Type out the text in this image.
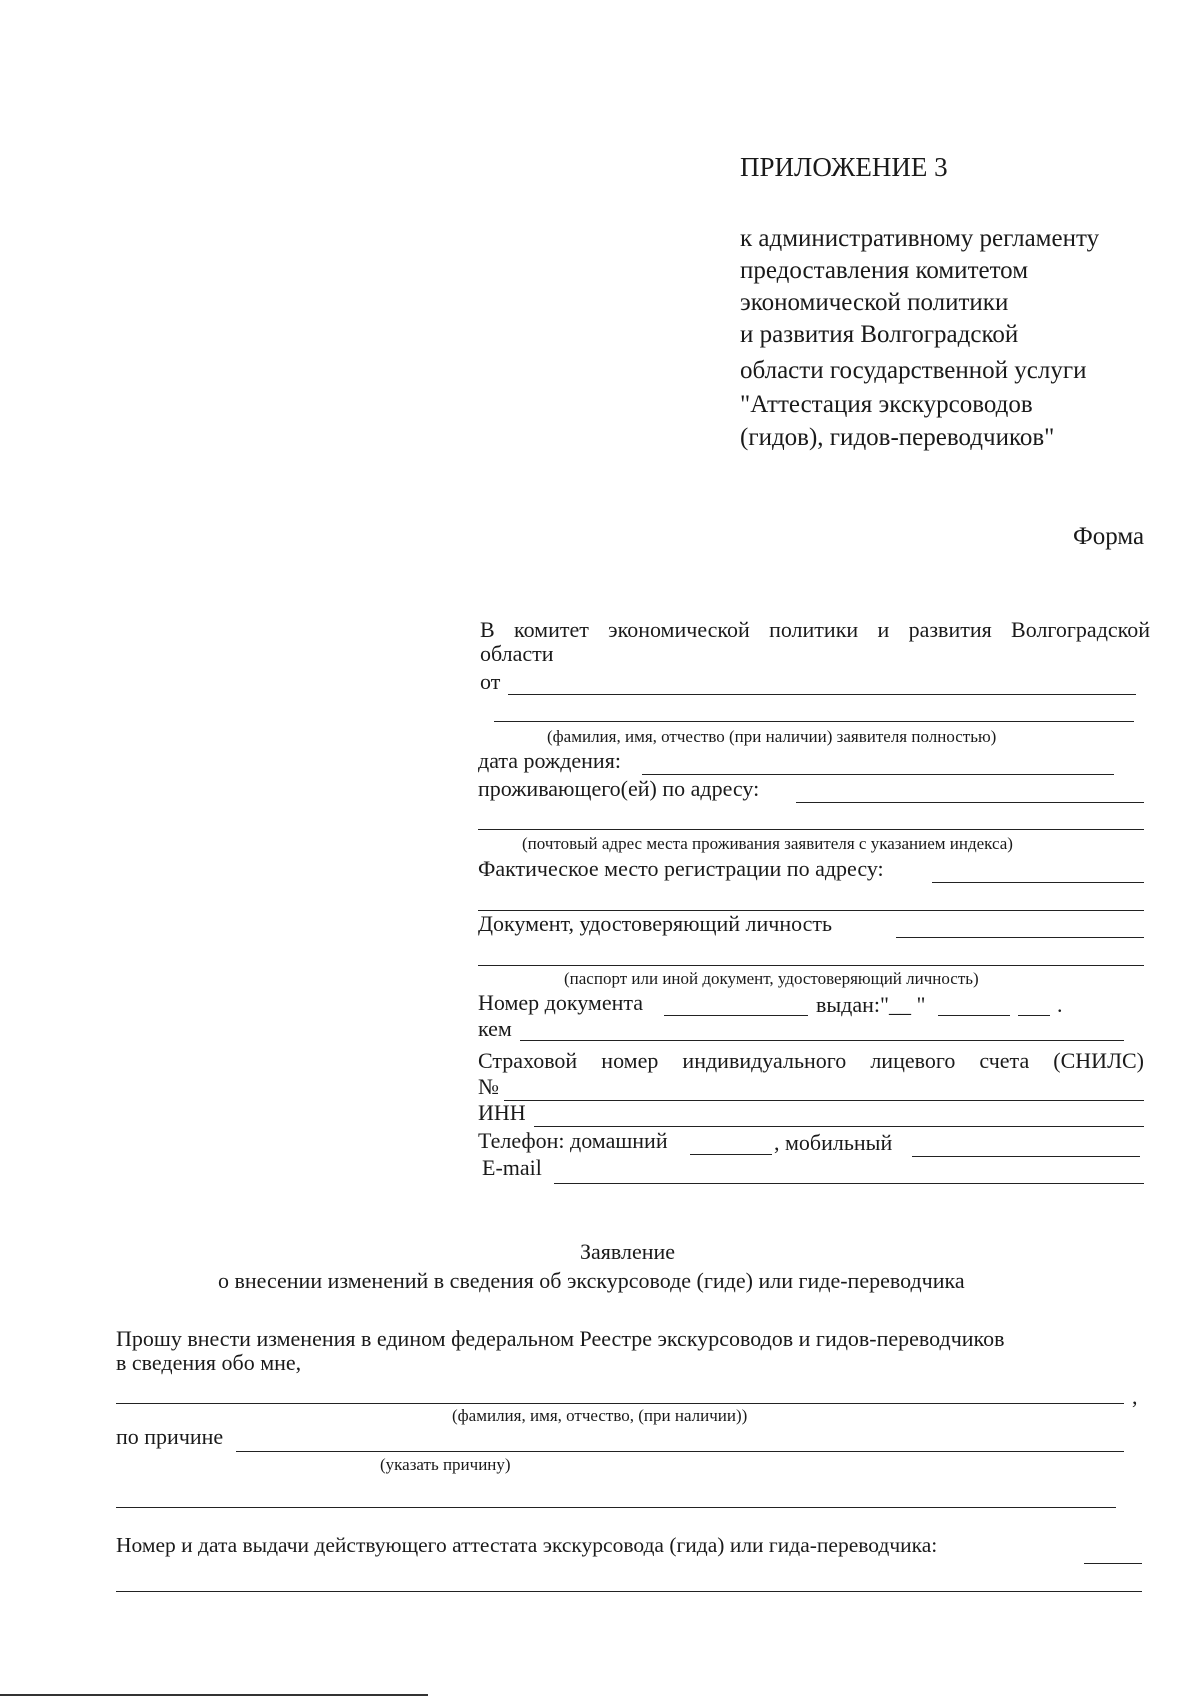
ПРИЛОЖЕНИЕ 3
к административному регламенту
предоставления комитетом
экономической политики
и развития Волгоградской
области государственной услуги
"Аттестация экскурсоводов
(гидов), гидов-переводчиков"
Форма
В комитет экономической политики и развития Волгоградской
области
от
(фамилия, имя, отчество (при наличии) заявителя полностью)
дата рождения:
проживающего(ей) по адресу:
(почтовый адрес места проживания заявителя с указанием индекса)
Фактическое место регистрации по адресу:
Документ, удостоверяющий личность
(паспорт или иной документ, удостоверяющий личность)
Номер документа	выдан:"__ "	.
кем
Страховой номер индивидуального лицевого счета (СНИЛС)
№
ИНН
Телефон: домашний	, мобильный
E-mail
Заявление
о внесении изменений в сведения об экскурсоводе (гиде) или гиде-переводчика
Прошу внести изменения в едином федеральном Реестре экскурсоводов и гидов-переводчиков
в сведения обо мне,
,
(фамилия, имя, отчество, (при наличии))
по причине
(указать причину)
Номер и дата выдачи действующего аттестата экскурсовода (гида) или гида-переводчика:
